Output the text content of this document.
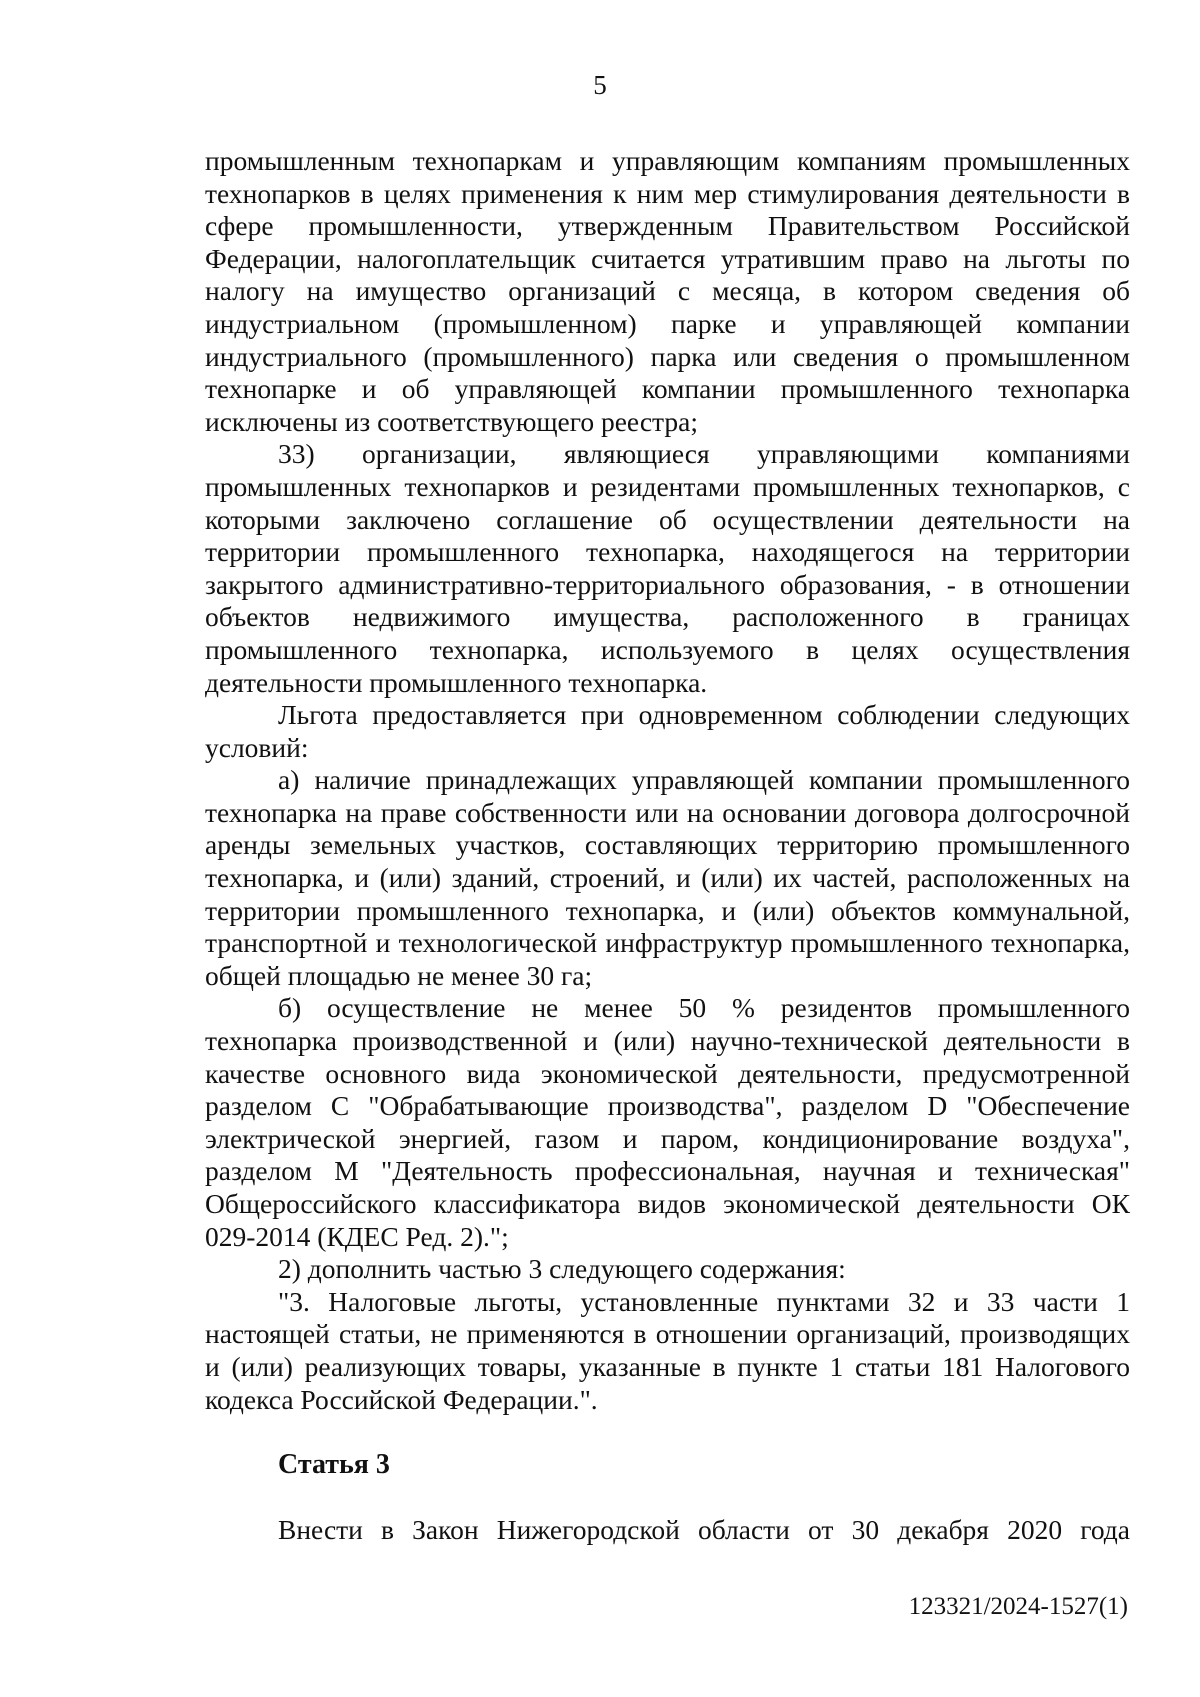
5

промышленным технопаркам и управляющим компаниям промышленных технопарков в целях применения к ним мер стимулирования деятельности в сфере промышленности, утвержденным Правительством Российской Федерации, налогоплательщик считается утратившим право на льготы по налогу на имущество организаций с месяца, в котором сведения об индустриальном (промышленном) парке и управляющей компании индустриального (промышленного) парка или сведения о промышленном технопарке и об управляющей компании промышленного технопарка исключены из соответствующего реестра;

33) организации, являющиеся управляющими компаниями промышленных технопарков и резидентами промышленных технопарков, с которыми заключено соглашение об осуществлении деятельности на территории промышленного технопарка, находящегося на территории закрытого административно-территориального образования, - в отношении объектов недвижимого имущества, расположенного в границах промышленного технопарка, используемого в целях осуществления деятельности промышленного технопарка.

Льгота предоставляется при одновременном соблюдении следующих условий:

а) наличие принадлежащих управляющей компании промышленного технопарка на праве собственности или на основании договора долгосрочной аренды земельных участков, составляющих территорию промышленного технопарка, и (или) зданий, строений, и (или) их частей, расположенных на территории промышленного технопарка, и (или) объектов коммунальной, транспортной и технологической инфраструктур промышленного технопарка, общей площадью не менее 30 га;

б) осуществление не менее 50 % резидентов промышленного технопарка производственной и (или) научно-технической деятельности в качестве основного вида экономической деятельности, предусмотренной разделом C "Обрабатывающие производства", разделом D "Обеспечение электрической энергией, газом и паром, кондиционирование воздуха", разделом M "Деятельность профессиональная, научная и техническая" Общероссийского классификатора видов экономической деятельности ОК 029-2014 (КДЕС Ред. 2).";

2) дополнить частью 3 следующего содержания:

"3. Налоговые льготы, установленные пунктами 32 и 33 части 1 настоящей статьи, не применяются в отношении организаций, производящих и (или) реализующих товары, указанные в пункте 1 статьи 181 Налогового кодекса Российской Федерации.".

Статья 3

Внести в Закон Нижегородской области от 30 декабря 2020 года

123321/2024-1527(1)
